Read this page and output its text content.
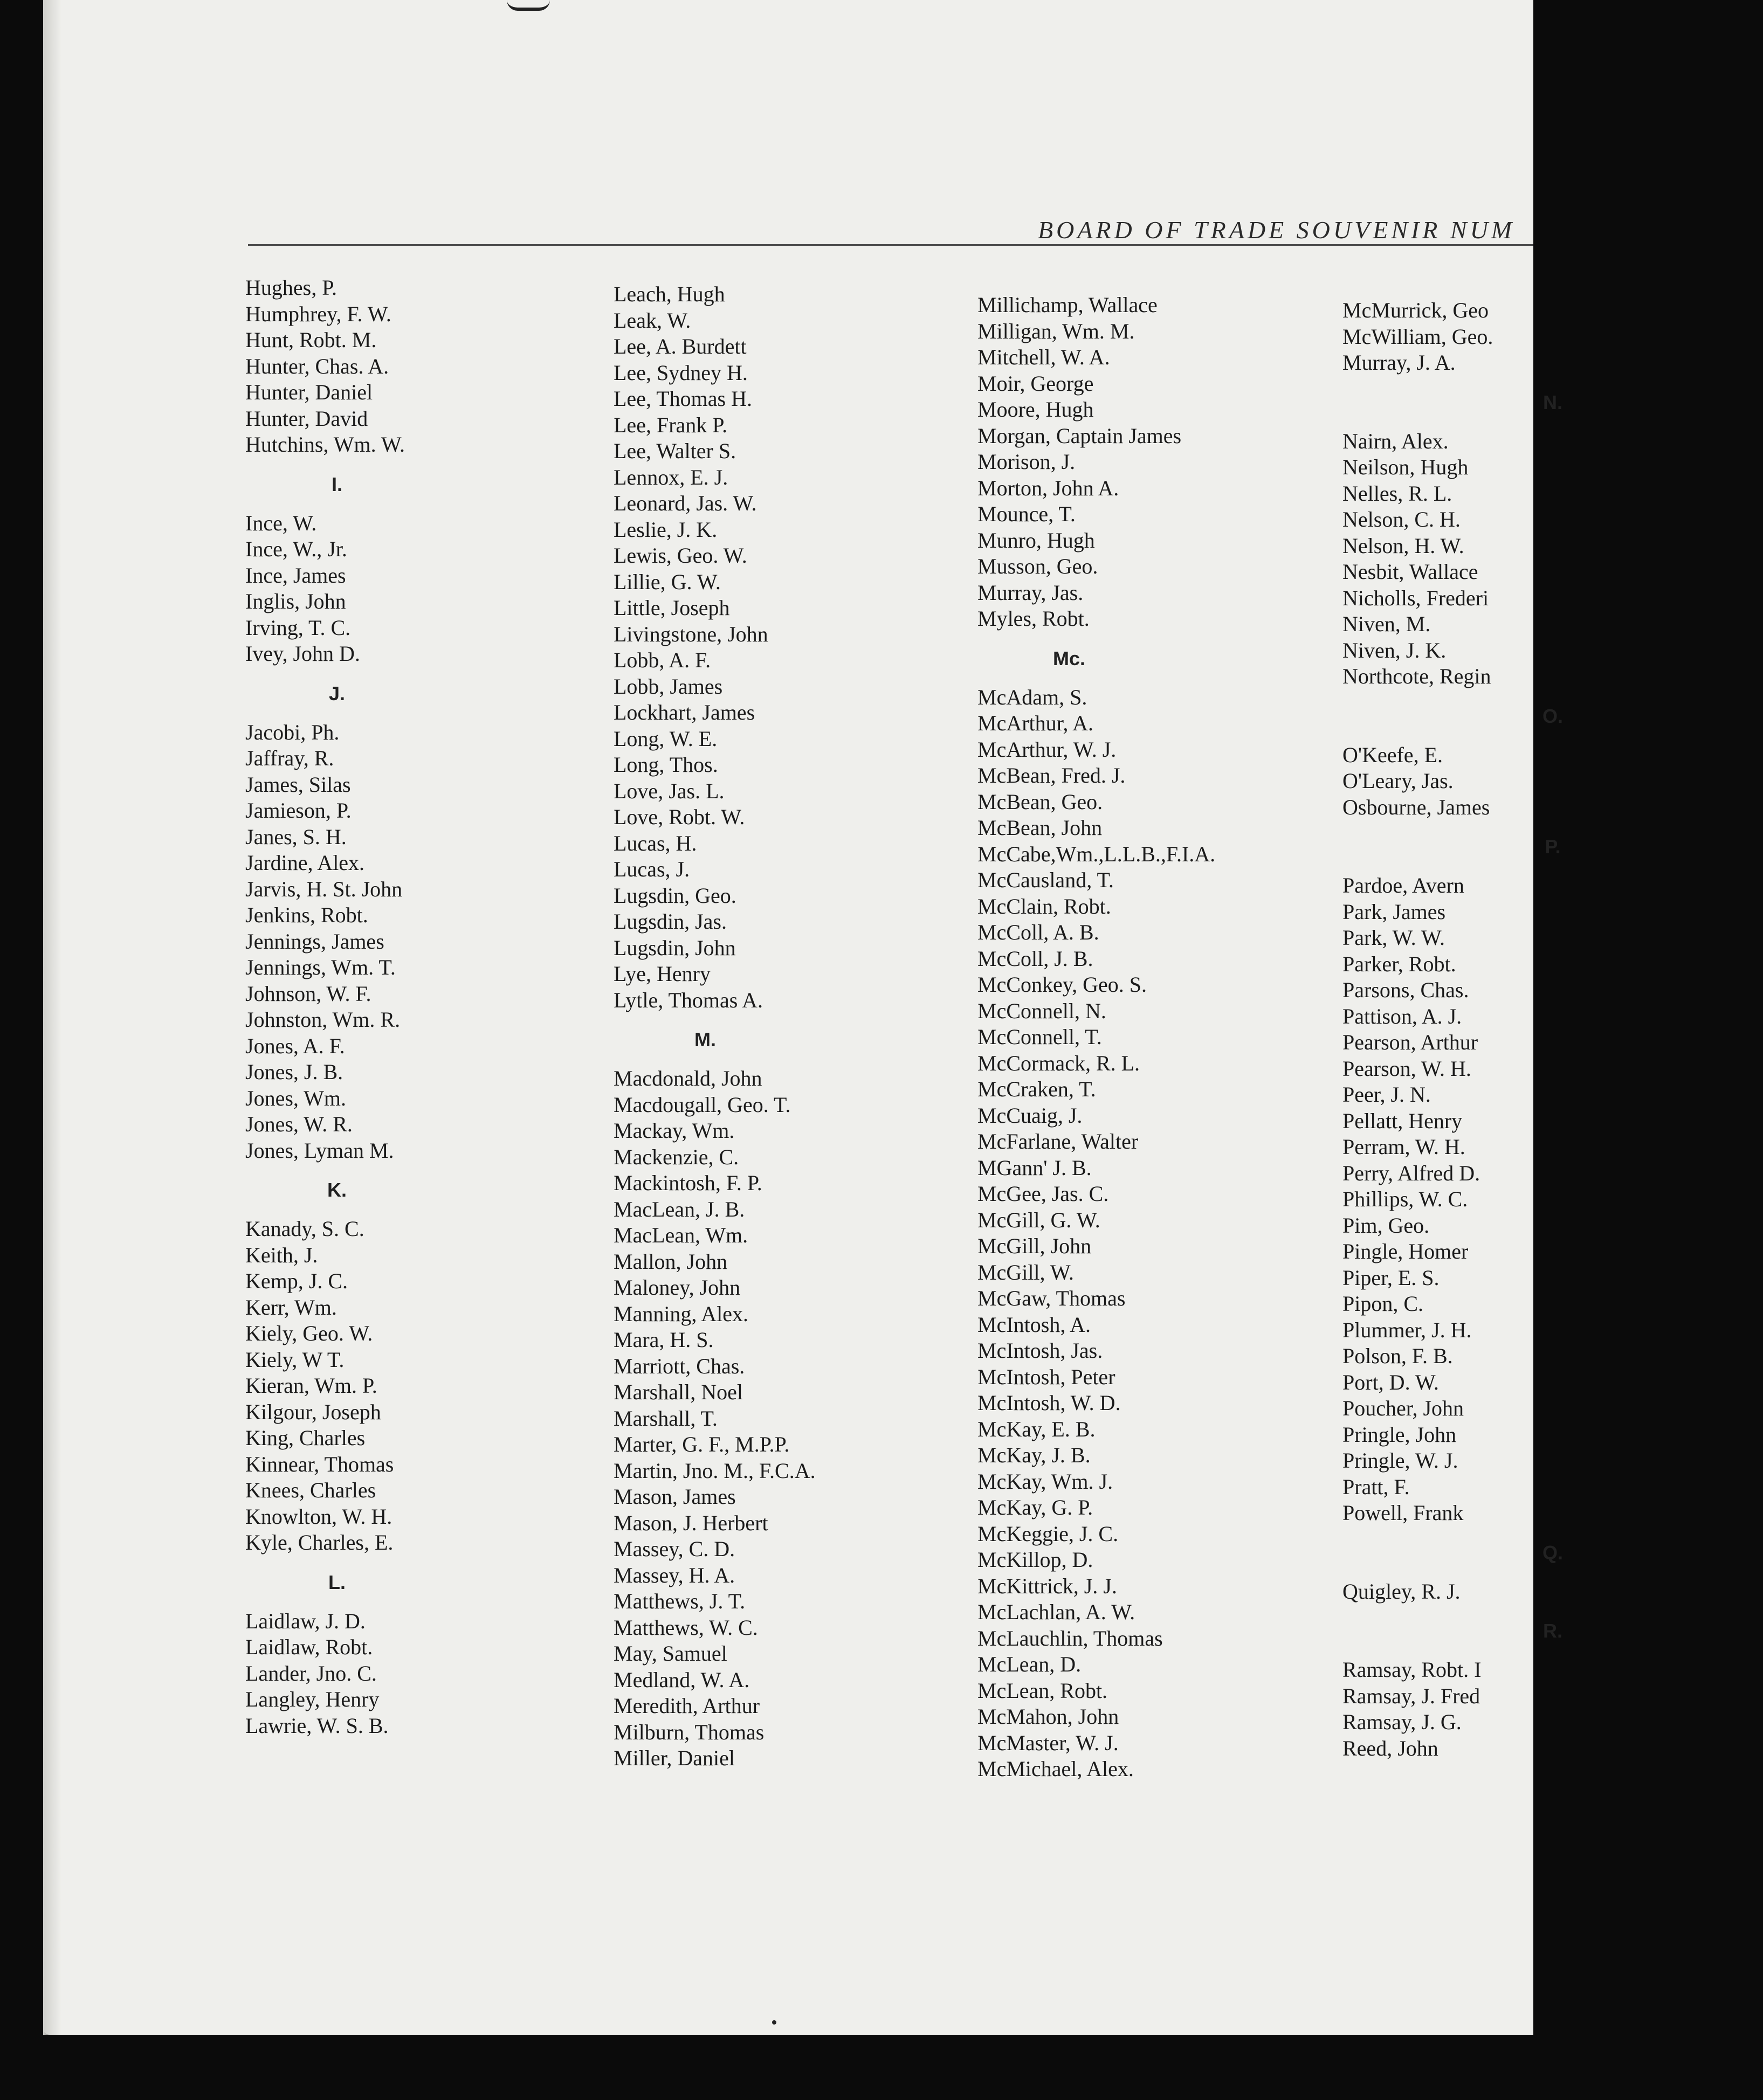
BOARD OF TRADE SOUVENIR NUM
Hughes, P.
Humphrey, F. W.
Hunt, Robt. M.
Hunter, Chas. A.
Hunter, Daniel
Hunter, David
Hutchins, Wm. W.
I.
Ince, W.
Ince, W., Jr.
Ince, James
Inglis, John
Irving, T. C.
Ivey, John D.
J.
Jacobi, Ph.
Jaffray, R.
James, Silas
Jamieson, P.
Janes, S. H.
Jardine, Alex.
Jarvis, H. St. John
Jenkins, Robt.
Jennings, James
Jennings, Wm. T.
Johnson, W. F.
Johnston, Wm. R.
Jones, A. F.
Jones, J. B.
Jones, Wm.
Jones, W. R.
Jones, Lyman M.
K.
Kanady, S. C.
Keith, J.
Kemp, J. C.
Kerr, Wm.
Kiely, Geo. W.
Kiely, W T.
Kieran, Wm. P.
Kilgour, Joseph
King, Charles
Kinnear, Thomas
Knees, Charles
Knowlton, W. H.
Kyle, Charles, E.
L.
Laidlaw, J. D.
Laidlaw, Robt.
Lander, Jno. C.
Langley, Henry
Lawrie, W. S. B.
Leach, Hugh
Leak, W.
Lee, A. Burdett
Lee, Sydney H.
Lee, Thomas H.
Lee, Frank P.
Lee, Walter S.
Lennox, E. J.
Leonard, Jas. W.
Leslie, J. K.
Lewis, Geo. W.
Lillie, G. W.
Little, Joseph
Livingstone, John
Lobb, A. F.
Lobb, James
Lockhart, James
Long, W. E.
Long, Thos.
Love, Jas. L.
Love, Robt. W.
Lucas, H.
Lucas, J.
Lugsdin, Geo.
Lugsdin, Jas.
Lugsdin, John
Lye, Henry
Lytle, Thomas A.
M.
Macdonald, John
Macdougall, Geo. T.
Mackay, Wm.
Mackenzie, C.
Mackintosh, F. P.
MacLean, J. B.
MacLean, Wm.
Mallon, John
Maloney, John
Manning, Alex.
Mara, H. S.
Marriott, Chas.
Marshall, Noel
Marshall, T.
Marter, G. F., M.P.P.
Martin, Jno. M., F.C.A.
Mason, James
Mason, J. Herbert
Massey, C. D.
Massey, H. A.
Matthews, J. T.
Matthews, W. C.
May, Samuel
Medland, W. A.
Meredith, Arthur
Milburn, Thomas
Miller, Daniel
Millichamp, Wallace
Milligan, Wm. M.
Mitchell, W. A.
Moir, George
Moore, Hugh
Morgan, Captain James
Morison, J.
Morton, John A.
Mounce, T.
Munro, Hugh
Musson, Geo.
Murray, Jas.
Myles, Robt.
Mc.
McAdam, S.
McArthur, A.
McArthur, W. J.
McBean, Fred. J.
McBean, Geo.
McBean, John
McCabe,Wm.,L.L.B.,F.I.A.
McCausland, T.
McClain, Robt.
McColl, A. B.
McColl, J. B.
McConkey, Geo. S.
McConnell, N.
McConnell, T.
McCormack, R. L.
McCraken, T.
McCuaig, J.
McFarlane, Walter
MGann' J. B.
McGee, Jas. C.
McGill, G. W.
McGill, John
McGill, W.
McGaw, Thomas
McIntosh, A.
McIntosh, Jas.
McIntosh, Peter
McIntosh, W. D.
McKay, E. B.
McKay, J. B.
McKay, Wm. J.
McKay, G. P.
McKeggie, J. C.
McKillop, D.
McKittrick, J. J.
McLachlan, A. W.
McLauchlin, Thomas
McLean, D.
McLean, Robt.
McMahon, John
McMaster, W. J.
McMichael, Alex.
McMurrick, Geo
McWilliam, Geo.
Murray, J. A.
N.
Nairn, Alex.
Neilson, Hugh
Nelles, R. L.
Nelson, C. H.
Nelson, H. W.
Nesbit, Wallace
Nicholls, Frederi
Niven, M.
Niven, J. K.
Northcote, Regin
O.
O'Keefe, E.
O'Leary, Jas.
Osbourne, James
P.
Pardoe, Avern
Park, James
Park, W. W.
Parker, Robt.
Parsons, Chas.
Pattison, A. J.
Pearson, Arthur
Pearson, W. H.
Peer, J. N.
Pellatt, Henry
Perram, W. H.
Perry, Alfred D.
Phillips, W. C.
Pim, Geo.
Pingle, Homer
Piper, E. S.
Pipon, C.
Plummer, J. H.
Polson, F. B.
Port, D. W.
Poucher, John
Pringle, John
Pringle, W. J.
Pratt, F.
Powell, Frank
Q.
Quigley, R. J.
R.
Ramsay, Robt. I
Ramsay, J. Fred
Ramsay, J. G.
Reed, John
